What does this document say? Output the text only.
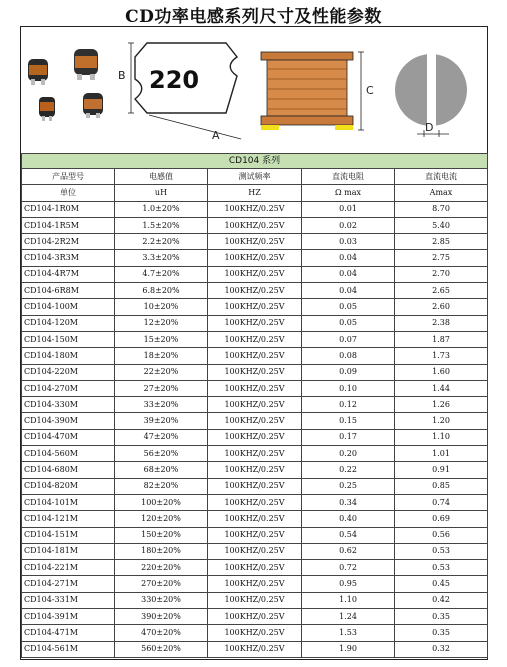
CD功率电感系列尺寸及性能参数
B
A
220	C
D
CD104 系列				
产品型号	电感值	测试频率	直流电阻	直流电流
单位	uH	HZ	Ω max	Amax
CD104-1R0M	1.0±20%	100KHZ/0.25V	0.01	8.70
CD104-1R5M	1.5±20%	100KHZ/0.25V	0.02	5.40
CD104-2R2M	2.2±20%	100KHZ/0.25V	0.03	2.85
CD104-3R3M	3.3±20%	100KHZ/0.25V	0.04	2.75
CD104-4R7M	4.7±20%	100KHZ/0.25V	0.04	2.70
CD104-6R8M	6.8±20%	100KHZ/0.25V	0.04	2.65
CD104-100M	10±20%	100KHZ/0.25V	0.05	2.60
CD104-120M	12±20%	100KHZ/0.25V	0.05	2.38
CD104-150M	15±20%	100KHZ/0.25V	0.07	1.87
CD104-180M	18±20%	100KHZ/0.25V	0.08	1.73
CD104-220M	22±20%	100KHZ/0.25V	0.09	1.60
CD104-270M	27±20%	100KHZ/0.25V	0.10	1.44
CD104-330M	33±20%	100KHZ/0.25V	0.12	1.26
CD104-390M	39±20%	100KHZ/0.25V	0.15	1.20
CD104-470M	47±20%	100KHZ/0.25V	0.17	1.10
CD104-560M	56±20%	100KHZ/0.25V	0.20	1.01
CD104-680M	68±20%	100KHZ/0.25V	0.22	0.91
CD104-820M	82±20%	100KHZ/0.25V	0.25	0.85
CD104-101M	100±20%	100KHZ/0.25V	0.34	0.74
CD104-121M	120±20%	100KHZ/0.25V	0.40	0.69
CD104-151M	150±20%	100KHZ/0.25V	0.54	0.56
CD104-181M	180±20%	100KHZ/0.25V	0.62	0.53
CD104-221M	220±20%	100KHZ/0.25V	0.72	0.53
CD104-271M	270±20%	100KHZ/0.25V	0.95	0.45
CD104-331M	330±20%	100KHZ/0.25V	1.10	0.42
CD104-391M	390±20%	100KHZ/0.25V	1.24	0.35
CD104-471M	470±20%	100KHZ/0.25V	1.53	0.35
CD104-561M	560±20%	100KHZ/0.25V	1.90	0.32
